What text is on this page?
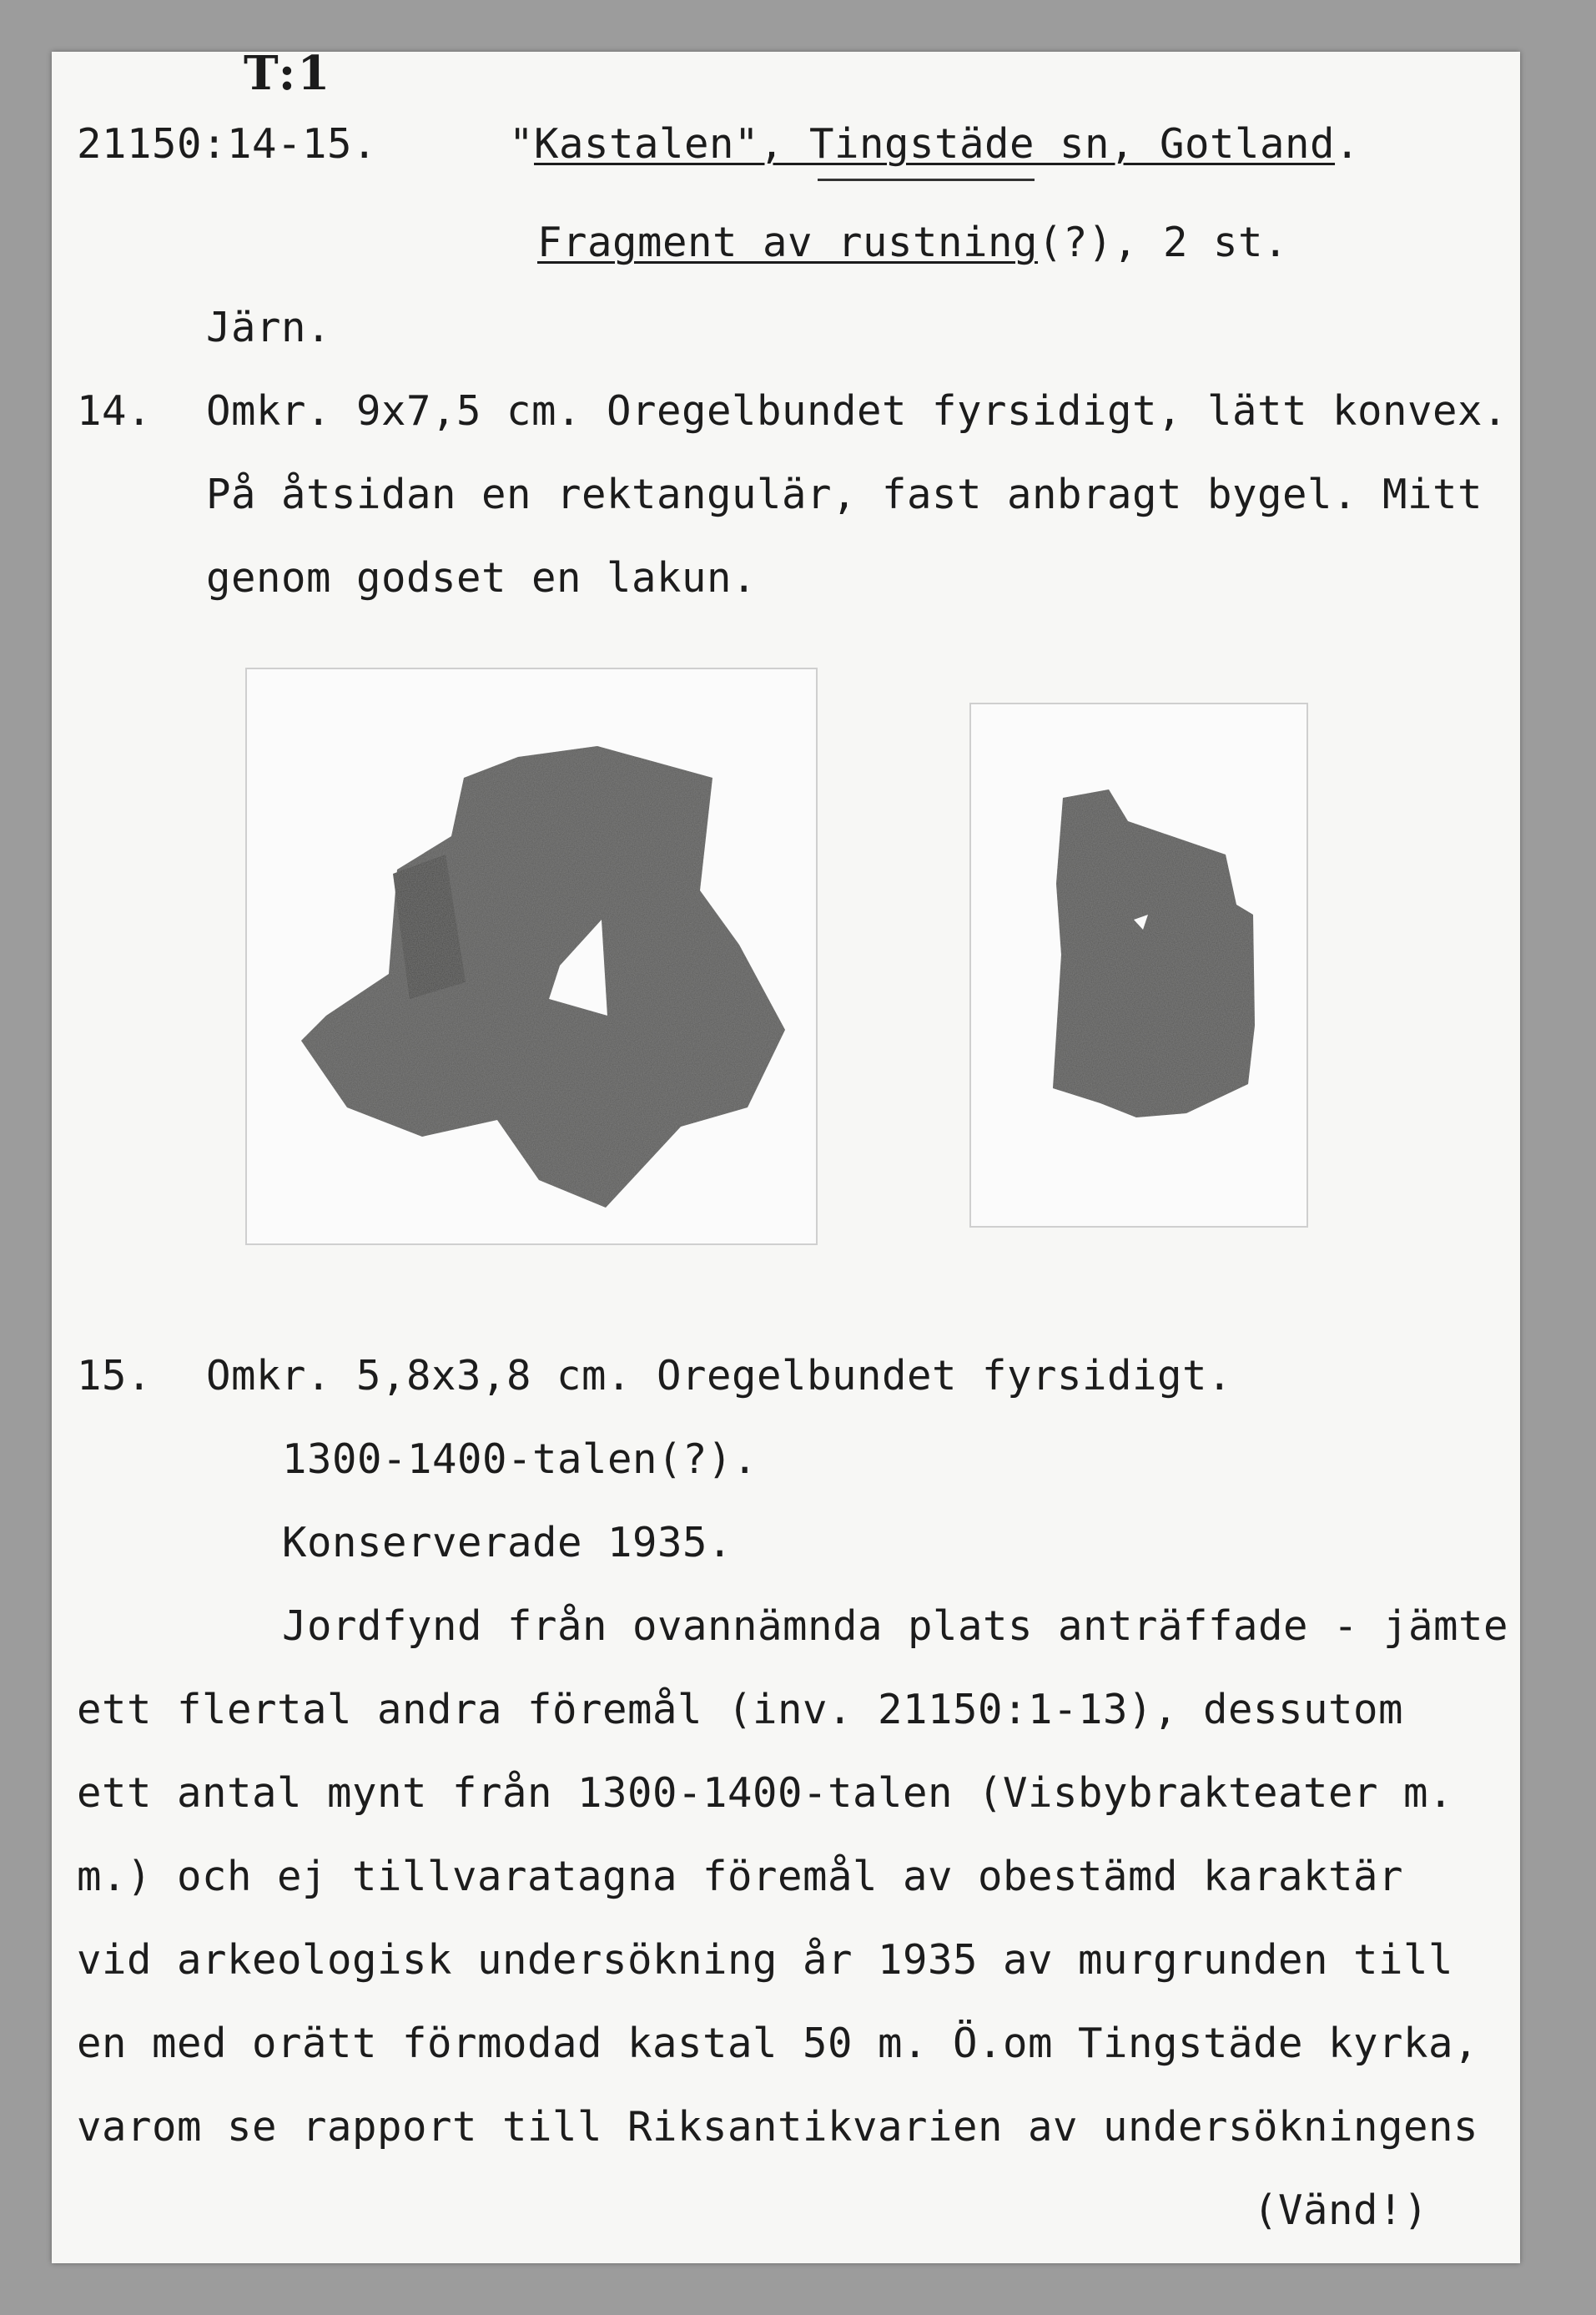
T:1
21150:14-15.	"Kastalen", Tingstäde sn, Gotland.
Fragment av rustning(?), 2 st.
Järn.
14. Omkr. 9x7,5 cm. Oregelbundet fyrsidigt, lätt konvex.
På åtsidan en rektangulär, fast anbragt bygel. Mitt
genom godset en lakun.
15. Omkr. 5,8x3,8 cm. Oregelbundet fyrsidigt.
1300-1400-talen(?).
Konserverade 1935.
Jordfynd från ovannämnda plats anträffade - jämte
ett flertal andra föremål (inv. 21150:1-13), dessutom
ett antal mynt från 1300-1400-talen (Visbybrakteater m.
m.) och ej tillvaratagna föremål av obestämd karaktär
vid arkeologisk undersökning år 1935 av murgrunden till
en med orätt förmodad kastal 50 m. Ö.om Tingstäde kyrka,
varom se rapport till Riksantikvarien av undersökningens
(Vänd!)
